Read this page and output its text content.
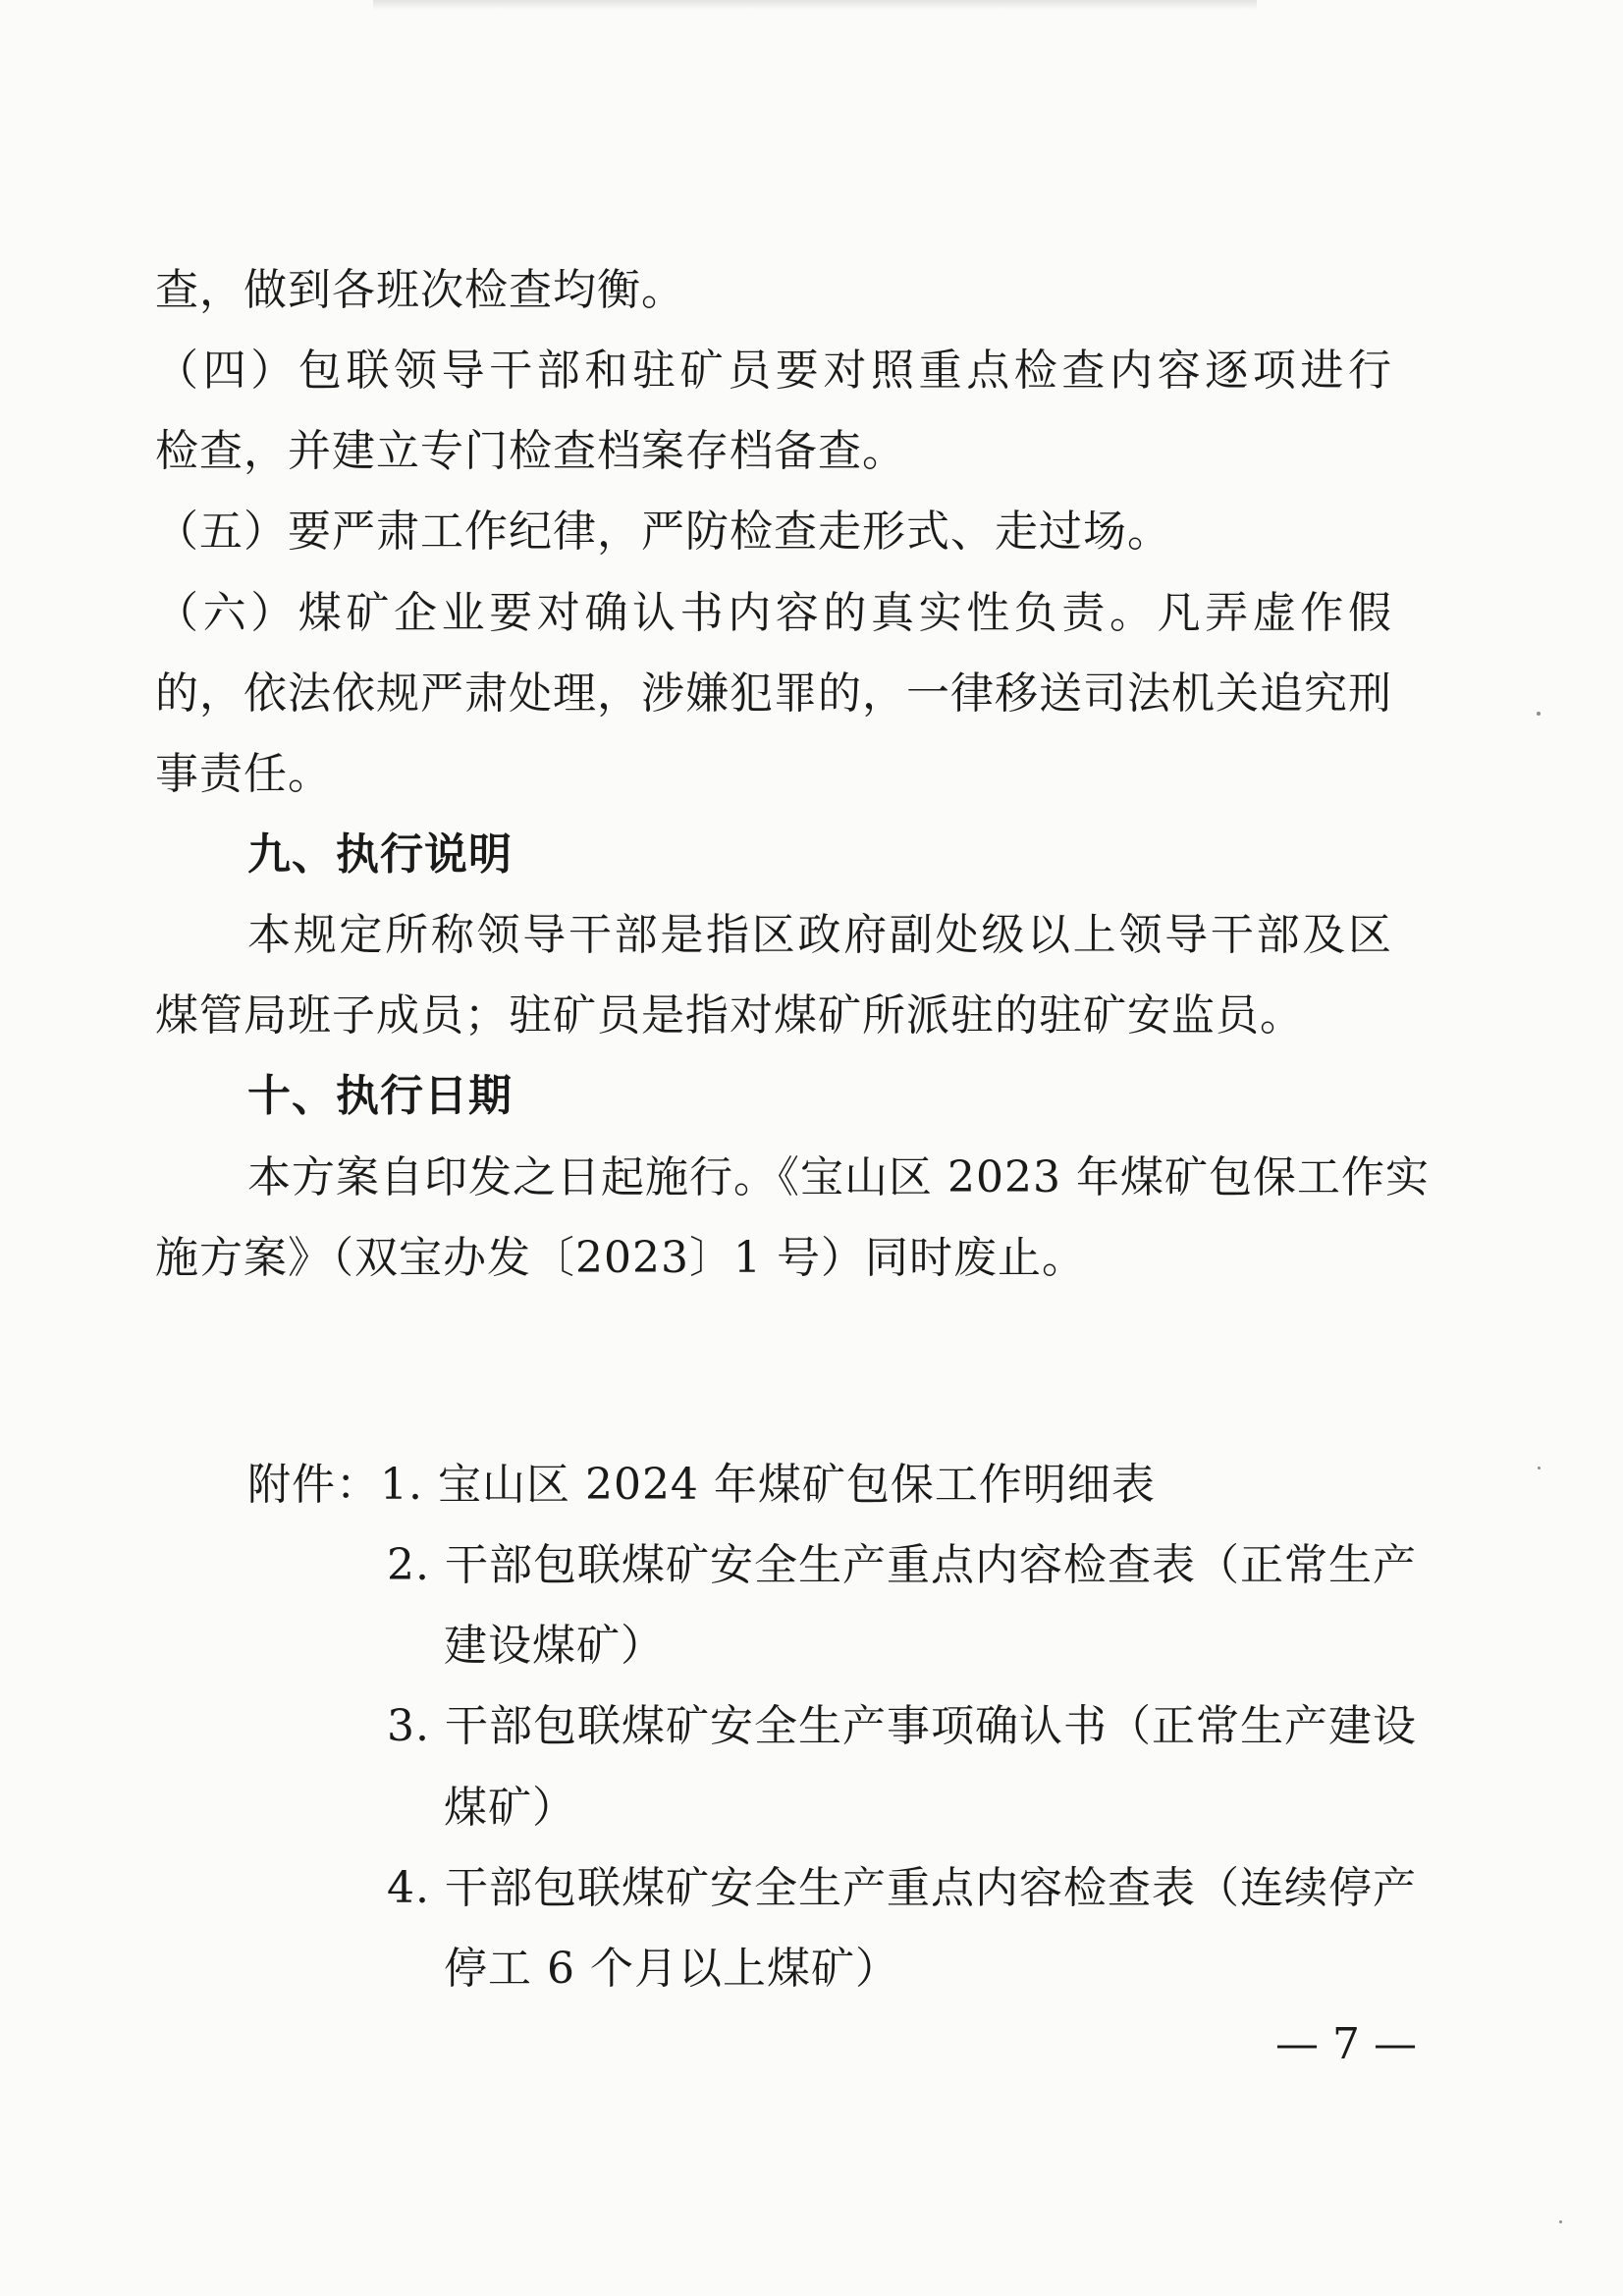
查，做到各班次检查均衡。
（四）包联领导干部和驻矿员要对照重点检查内容逐项进行
检查，并建立专门检查档案存档备查。
（五）要严肃工作纪律，严防检查走形式、走过场。
（六）煤矿企业要对确认书内容的真实性负责。凡弄虚作假
的，依法依规严肃处理，涉嫌犯罪的，一律移送司法机关追究刑
事责任。
九、执行说明
本规定所称领导干部是指区政府副处级以上领导干部及区
煤管局班子成员；驻矿员是指对煤矿所派驻的驻矿安监员。
十、执行日期
本方案自印发之日起施行。《宝山区 2023 年煤矿包保工作实
施方案》（双宝办发〔2023〕1 号）同时废止。
附件：1. 宝山区 2024 年煤矿包保工作明细表
2. 干部包联煤矿安全生产重点内容检查表（正常生产
建设煤矿）
3. 干部包联煤矿安全生产事项确认书（正常生产建设
煤矿）
4. 干部包联煤矿安全生产重点内容检查表（连续停产
停工 6 个月以上煤矿）
— 7 —
